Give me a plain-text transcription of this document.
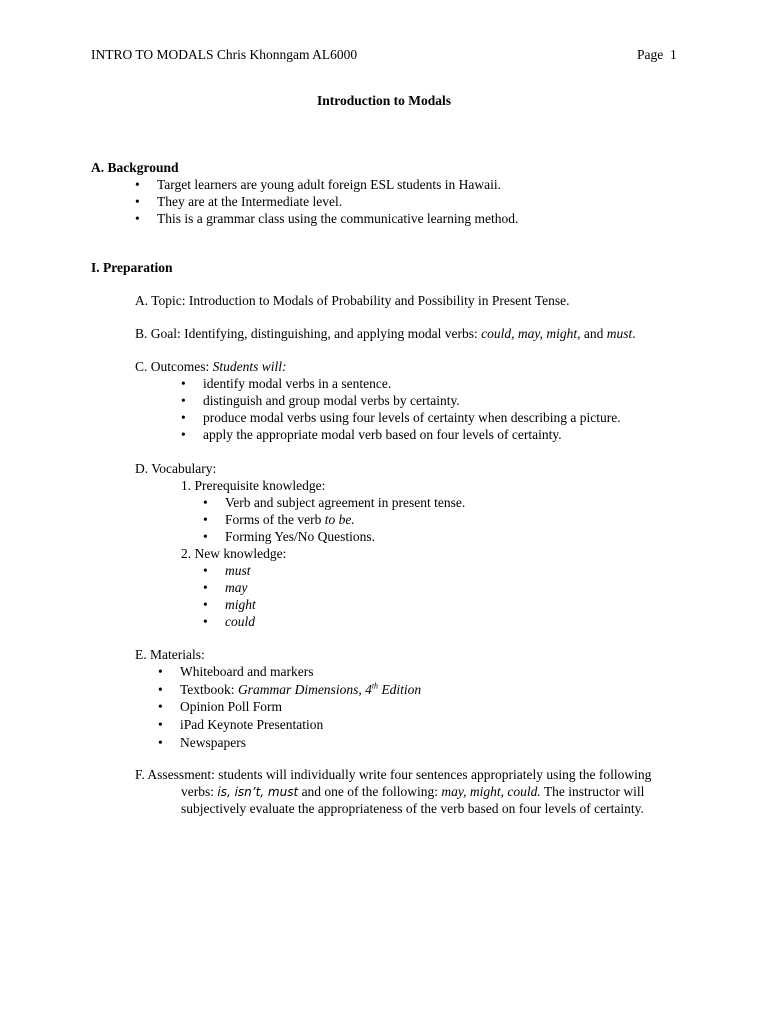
INTRO TO MODALS Chris Khonngam AL6000	Page 1
Introduction to Modals
A. Background
• Target learners are young adult foreign ESL students in Hawaii.
• They are at the Intermediate level.
• This is a grammar class using the communicative learning method.
I. Preparation
A. Topic: Introduction to Modals of Probability and Possibility in Present Tense.
B. Goal: Identifying, distinguishing, and applying modal verbs: could, may, might, and must.
C. Outcomes: Students will:
• identify modal verbs in a sentence.
• distinguish and group modal verbs by certainty.
• produce modal verbs using four levels of certainty when describing a picture.
• apply the appropriate modal verb based on four levels of certainty.
D. Vocabulary:
1. Prerequisite knowledge:
• Verb and subject agreement in present tense.
• Forms of the verb to be.
• Forming Yes/No Questions.
2. New knowledge:
• must
• may
• might
• could
E. Materials:
• Whiteboard and markers
• Textbook: Grammar Dimensions, 4th Edition
• Opinion Poll Form
• iPad Keynote Presentation
• Newspapers
F. Assessment: students will individually write four sentences appropriately using the following
verbs: is, isn’t, must and one of the following: may, might, could. The instructor will
subjectively evaluate the appropriateness of the verb based on four levels of certainty.
